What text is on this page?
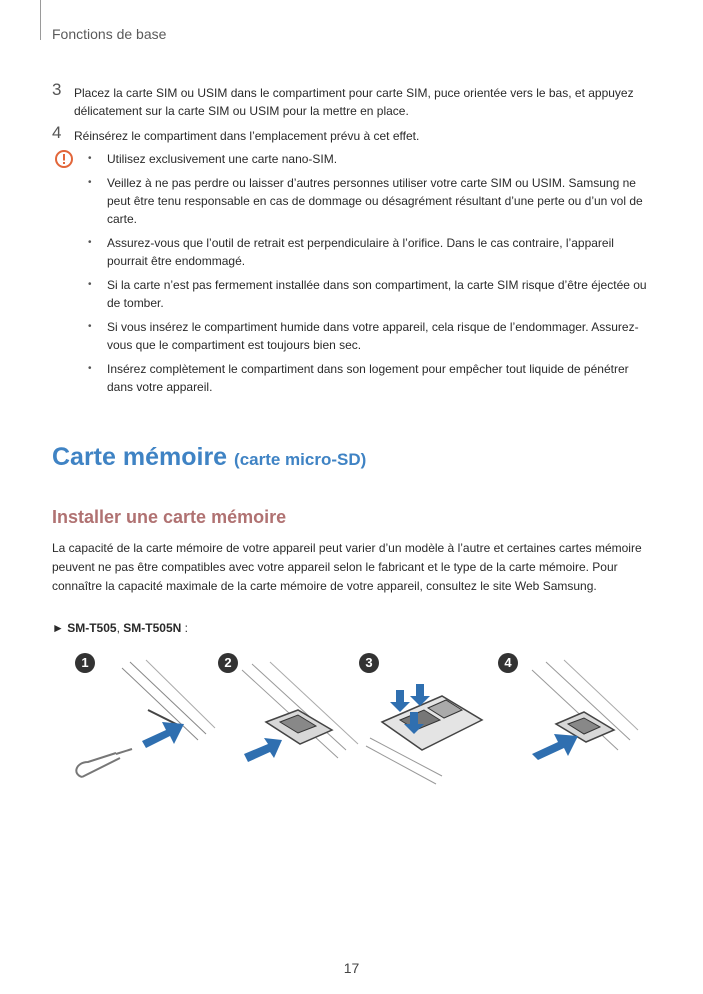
Fonctions de base
3 Placez la carte SIM ou USIM dans le compartiment pour carte SIM, puce orientée vers le bas, et appuyez délicatement sur la carte SIM ou USIM pour la mettre en place.
4 Réinsérez le compartiment dans l’emplacement prévu à cet effet.
• Utilisez exclusivement une carte nano-SIM.
• Veillez à ne pas perdre ou laisser d’autres personnes utiliser votre carte SIM ou USIM. Samsung ne peut être tenu responsable en cas de dommage ou désagrément résultant d’une perte ou d’un vol de carte.
• Assurez-vous que l’outil de retrait est perpendiculaire à l’orifice. Dans le cas contraire, l’appareil pourrait être endommagé.
• Si la carte n’est pas fermement installée dans son compartiment, la carte SIM risque d’être éjectée ou de tomber.
• Si vous insérez le compartiment humide dans votre appareil, cela risque de l’endommager. Assurez-vous que le compartiment est toujours bien sec.
• Insérez complètement le compartiment dans son logement pour empêcher tout liquide de pénétrer dans votre appareil.
Carte mémoire (carte micro-SD)
Installer une carte mémoire
La capacité de la carte mémoire de votre appareil peut varier d’un modèle à l’autre et certaines cartes mémoire peuvent ne pas être compatibles avec votre appareil selon le fabricant et le type de la carte mémoire. Pour connaître la capacité maximale de la carte mémoire de votre appareil, consultez le site Web Samsung.
► SM-T505, SM-T505N :
1	2	3	4
17
